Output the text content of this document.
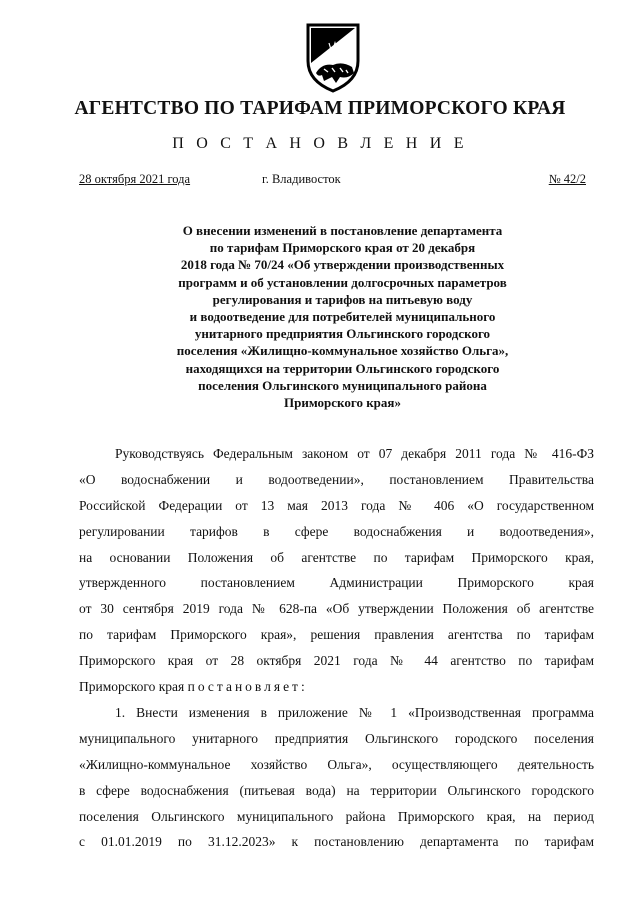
АГЕНТСТВО ПО ТАРИФАМ ПРИМОРСКОГО КРАЯ
П О С Т А Н О В Л Е Н И Е
28 октября 2021 года	г. Владивосток	№ 42/2
О внесении изменений в постановление департамента
по тарифам Приморского края от 20 декабря
2018 года № 70/24 «Об утверждении производственных
программ и об установлении долгосрочных параметров
регулирования и тарифов на питьевую воду
и водоотведение для потребителей муниципального
унитарного предприятия Ольгинского городского
поселения «Жилищно-коммунальное хозяйство Ольга»,
находящихся на территории Ольгинского городского
поселения Ольгинского муниципального района
Приморского края»

Руководствуясь Федеральным законом от 07 декабря 2011 года № 416-ФЗ

«О водоснабжении и водоотведении», постановлением Правительства

Российской Федерации от 13 мая 2013 года № 406 «О государственном

регулировании тарифов в сфере водоснабжения и водоотведения»,

на основании Положения об агентстве по тарифам Приморского края,

утвержденного постановлением Администрации Приморского края

от 30 сентября 2019 года № 628-па «Об утверждении Положения об агентстве

по тарифам Приморского края», решения правления агентства по тарифам

Приморского края от 28 октября 2021 года № 44 агентство по тарифам

Приморского края постановляет:

1. Внести изменения в приложение № 1 «Производственная программа

муниципального унитарного предприятия Ольгинского городского поселения

«Жилищно-коммунальное хозяйство Ольга», осуществляющего деятельность

в сфере водоснабжения (питьевая вода) на территории Ольгинского городского

поселения Ольгинского муниципального района Приморского края, на период

с 01.01.2019 по 31.12.2023» к постановлению департамента по тарифам
